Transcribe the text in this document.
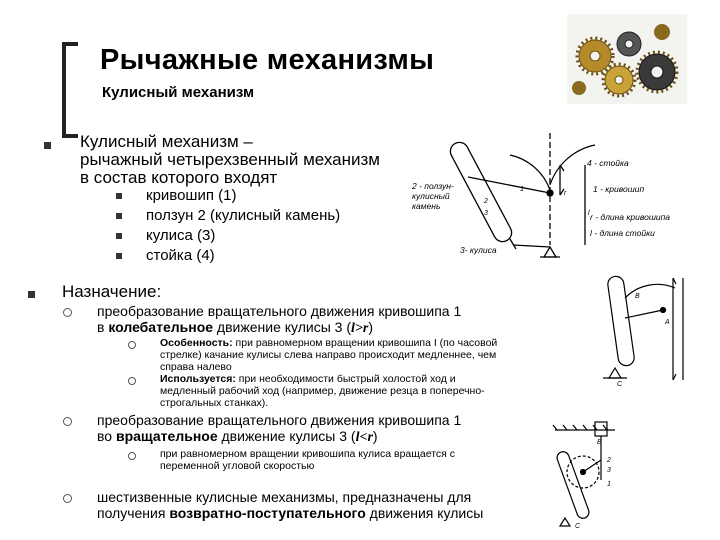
Рычажные механизмы
Кулисный механизм
Кулисный механизм –
рычажный четырехзвенный механизм
в состав которого входят
кривошип (1)
ползун 2 (кулисный камень)
кулиса (3)
стойка (4)
1
2
3
r
l
2 - ползун-
кулисный
камень
3- кулиса
4 - стойка
1 - кривошип
r - длина кривошипа
l - длина стойки
Назначение:
преобразование вращательного движения кривошипа 1
в колебательное движение кулисы 3 (l>r)
Особенность: при равномерном вращении кривошипа I (по часовой
стрелке) качание кулисы слева направо происходит медленнее, чем
справа налево
Используется: при необходимости быстрый холостой ход и
медленный рабочий ход (например, движение резца в поперечно-
строгальных станках).
преобразование вращательного движения кривошипа 1
во вращательное движение кулисы 3 (l<r)
при равномерном вращении кривошипа кулиса вращается с
переменной угловой скоростью
шестизвенные кулисные механизмы, предназначены для
получения возвратно-поступательного движения кулисы
B
A
C
В
2
3
1
C
